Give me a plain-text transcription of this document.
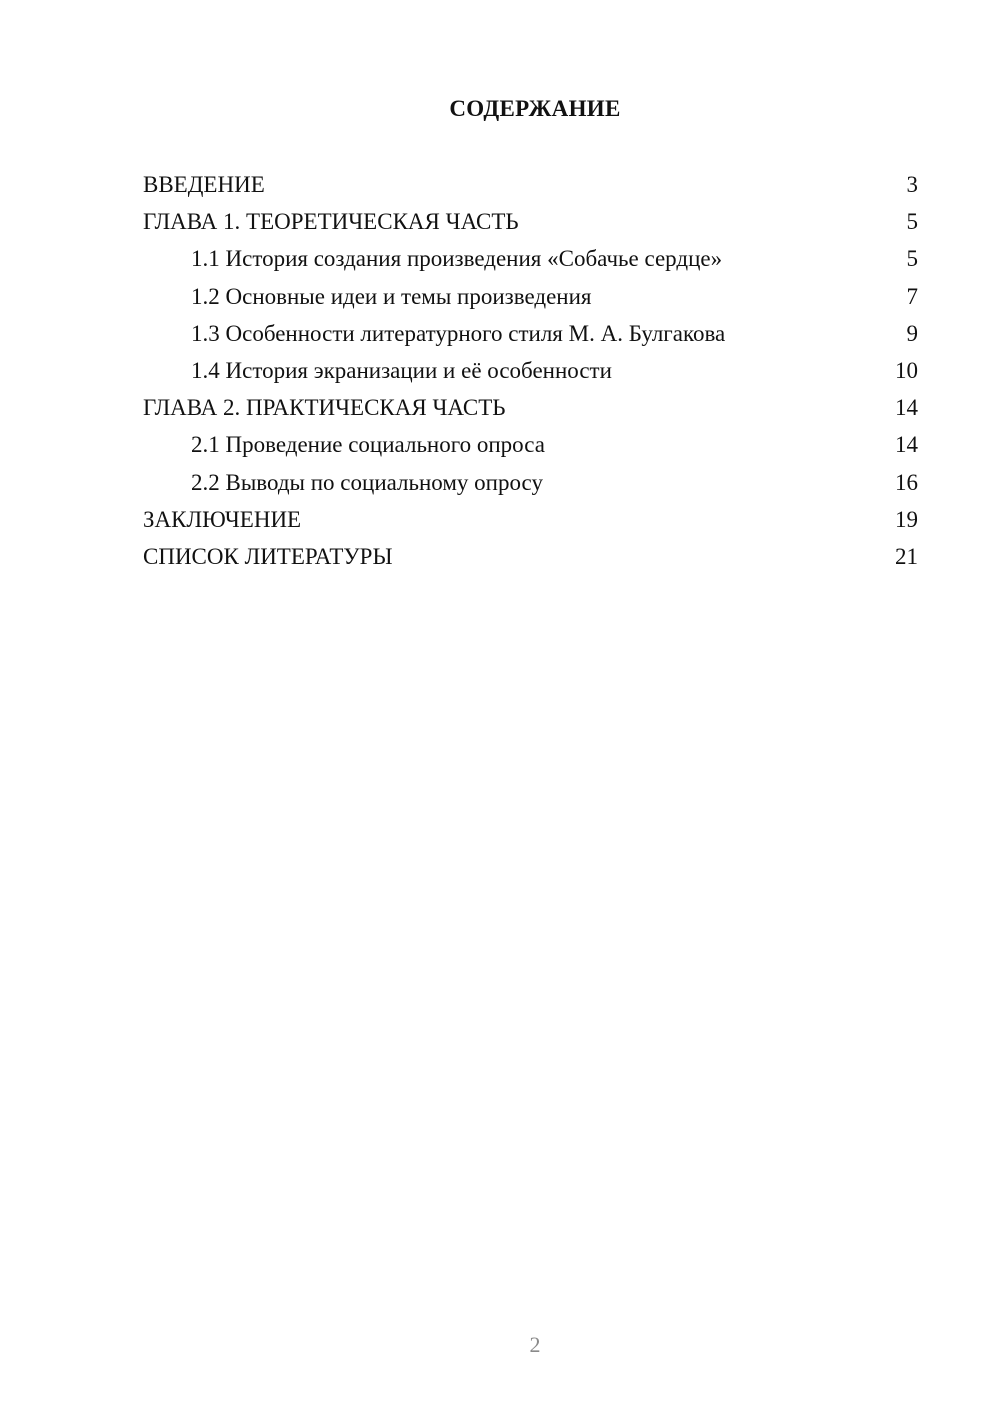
СОДЕРЖАНИЕ
ВВЕДЕНИЕ	3
ГЛАВА 1. ТЕОРЕТИЧЕСКАЯ ЧАСТЬ	5
1.1 История создания произведения «Собачье сердце»	5
1.2 Основные идеи и темы произведения	7
1.3 Особенности литературного стиля М. А. Булгакова	9
1.4 История экранизации и её особенности	10
ГЛАВА 2. ПРАКТИЧЕСКАЯ ЧАСТЬ	14
2.1 Проведение социального опроса	14
2.2 Выводы по социальному опросу	16
ЗАКЛЮЧЕНИЕ	19
СПИСОК ЛИТЕРАТУРЫ	21
2
